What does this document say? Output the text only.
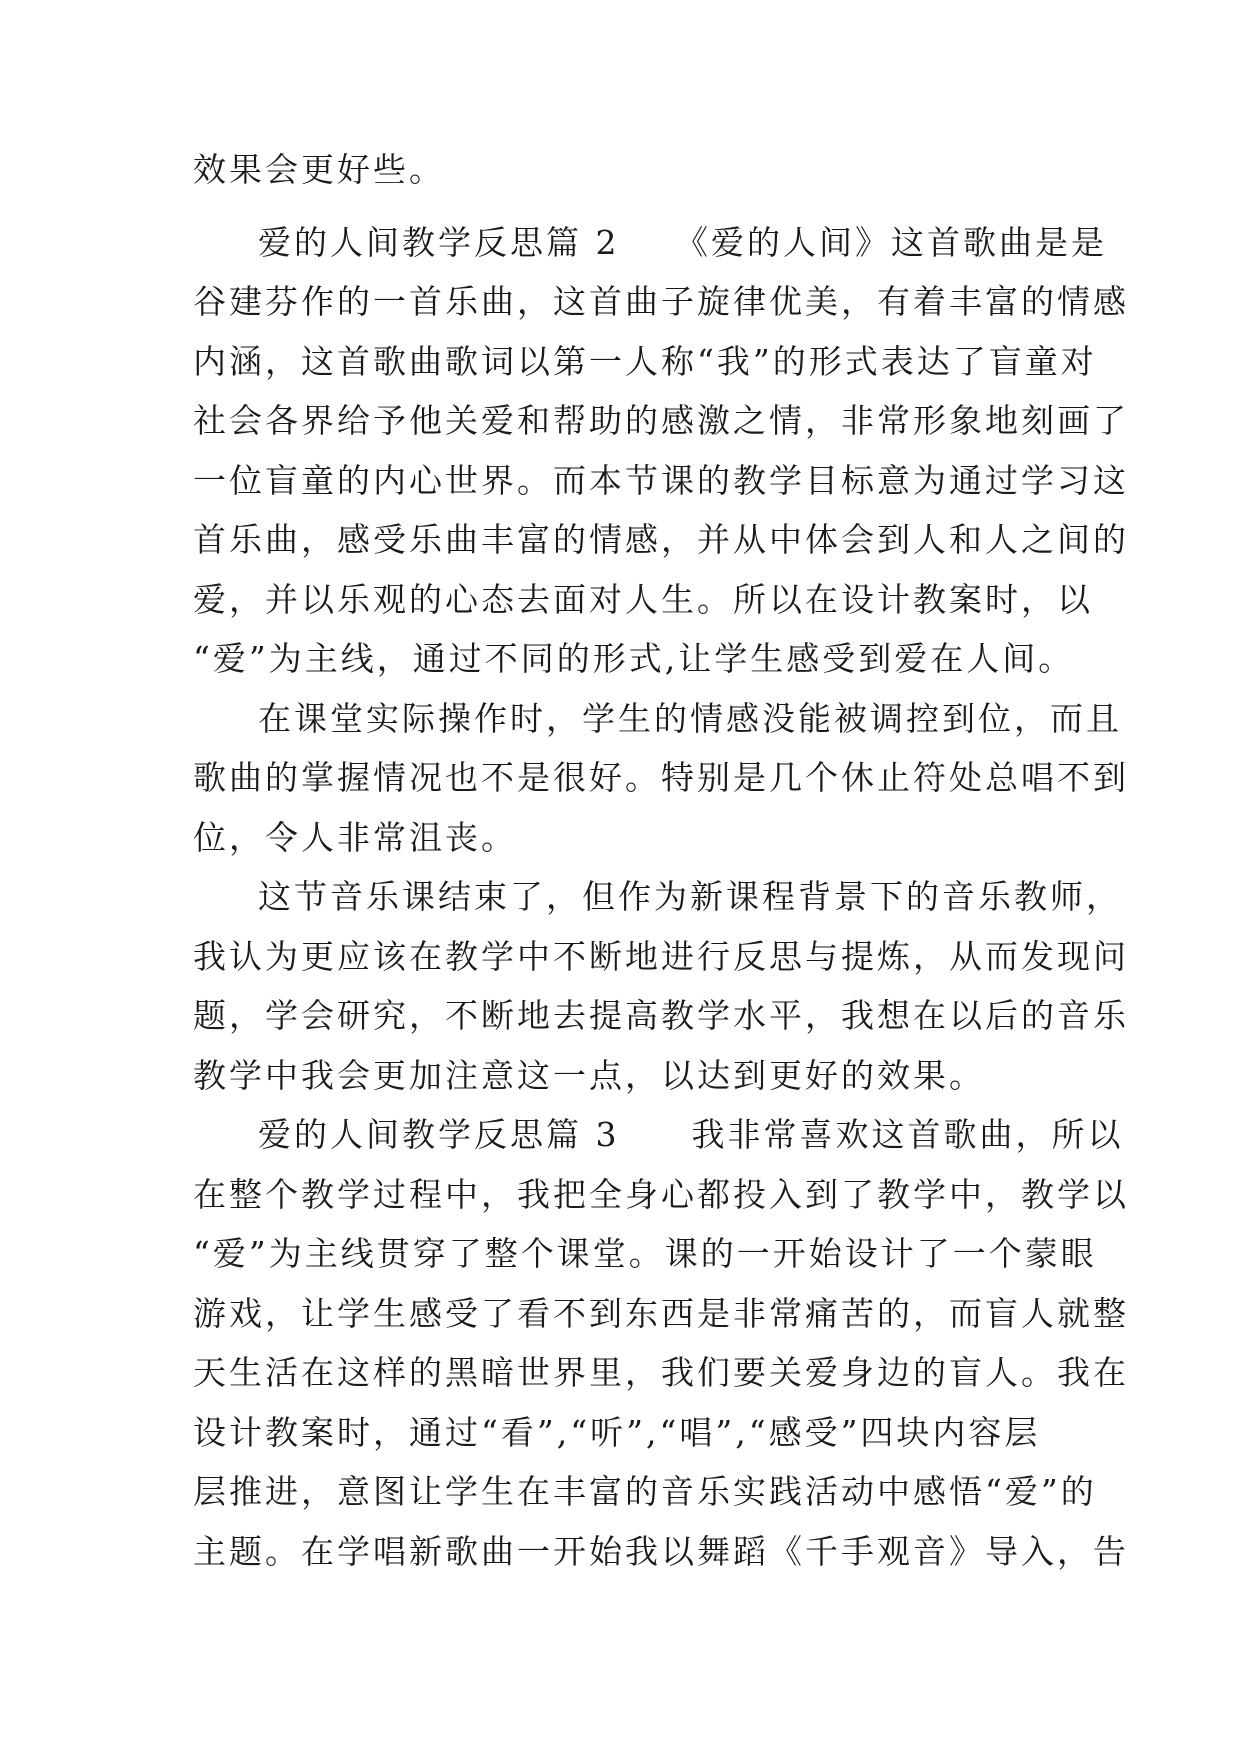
效果会更好些。
爱的人间教学反思篇 2　　《爱的人间》这首歌曲是是
谷建芬作的一首乐曲，这首曲子旋律优美，有着丰富的情感
内涵，这首歌曲歌词以第一人称“我”的形式表达了盲童对
社会各界给予他关爱和帮助的感激之情，非常形象地刻画了
一位盲童的内心世界。而本节课的教学目标意为通过学习这
首乐曲，感受乐曲丰富的情感，并从中体会到人和人之间的
爱，并以乐观的心态去面对人生。所以在设计教案时，以
“爱”为主线，通过不同的形式,让学生感受到爱在人间。
在课堂实际操作时，学生的情感没能被调控到位，而且
歌曲的掌握情况也不是很好。特别是几个休止符处总唱不到
位，令人非常沮丧。
这节音乐课结束了，但作为新课程背景下的音乐教师，
我认为更应该在教学中不断地进行反思与提炼，从而发现问
题，学会研究，不断地去提高教学水平，我想在以后的音乐
教学中我会更加注意这一点，以达到更好的效果。
爱的人间教学反思篇 3　　我非常喜欢这首歌曲，所以
在整个教学过程中，我把全身心都投入到了教学中，教学以
“爱”为主线贯穿了整个课堂。课的一开始设计了一个蒙眼
游戏，让学生感受了看不到东西是非常痛苦的，而盲人就整
天生活在这样的黑暗世界里，我们要关爱身边的盲人。我在
设计教案时，通过“看”,“听”,“唱”,“感受”四块内容层
层推进，意图让学生在丰富的音乐实践活动中感悟“爱”的
主题。在学唱新歌曲一开始我以舞蹈《千手观音》导入，告
